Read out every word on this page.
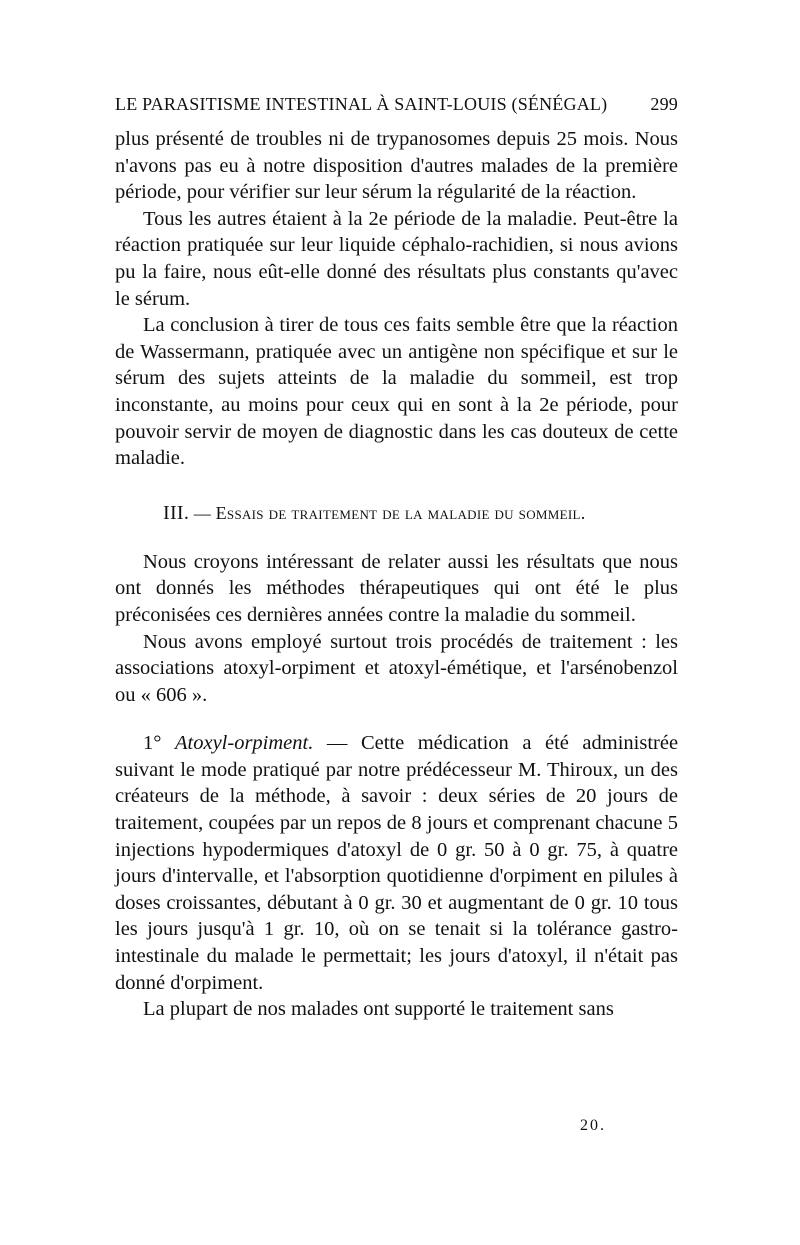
LE PARASITISME INTESTINAL À SAINT-LOUIS (SÉNÉGAL) 299

plus présenté de troubles ni de trypanosomes depuis 25 mois. Nous n'avons pas eu à notre disposition d'autres malades de la première période, pour vérifier sur leur sérum la régularité de la réaction.

Tous les autres étaient à la 2e période de la maladie. Peut-être la réaction pratiquée sur leur liquide céphalo-rachidien, si nous avions pu la faire, nous eût-elle donné des résultats plus constants qu'avec le sérum.

La conclusion à tirer de tous ces faits semble être que la réaction de Wassermann, pratiquée avec un antigène non spécifique et sur le sérum des sujets atteints de la maladie du sommeil, est trop inconstante, au moins pour ceux qui en sont à la 2e période, pour pouvoir servir de moyen de diagnostic dans les cas douteux de cette maladie.

III. — Essais de traitement de la maladie du sommeil.

Nous croyons intéressant de relater aussi les résultats que nous ont donnés les méthodes thérapeutiques qui ont été le plus préconisées ces dernières années contre la maladie du sommeil.

Nous avons employé surtout trois procédés de traitement : les associations atoxyl-orpiment et atoxyl-émétique, et l'arsénobenzol ou « 606 ».

1° Atoxyl-orpiment. — Cette médication a été administrée suivant le mode pratiqué par notre prédécesseur M. Thiroux, un des créateurs de la méthode, à savoir : deux séries de 20 jours de traitement, coupées par un repos de 8 jours et comprenant chacune 5 injections hypodermiques d'atoxyl de 0 gr. 50 à 0 gr. 75, à quatre jours d'intervalle, et l'absorption quotidienne d'orpiment en pilules à doses croissantes, débutant à 0 gr. 30 et augmentant de 0 gr. 10 tous les jours jusqu'à 1 gr. 10, où on se tenait si la tolérance gastro-intestinale du malade le permettait; les jours d'atoxyl, il n'était pas donné d'orpiment.

La plupart de nos malades ont supporté le traitement sans

20.
